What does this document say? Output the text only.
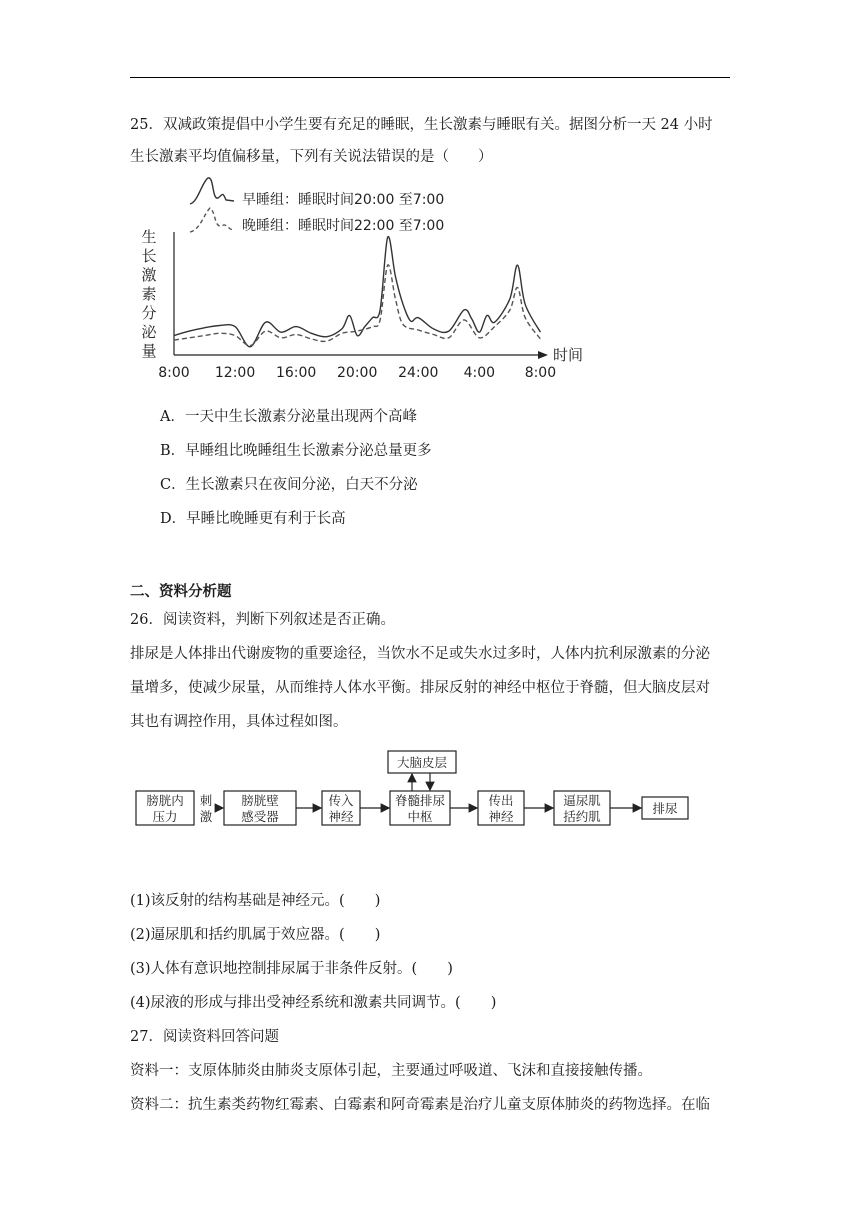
25．双减政策提倡中小学生要有充足的睡眠，生长激素与睡眠有关。据图分析一天 24 小时
生长激素平均值偏移量，下列有关说法错误的是（　　）
早睡组：睡眠时间20:00 至7:00
晚睡组：睡眠时间22:00 至7:00
生
长
激
素
分
泌
量	时间
8:00 12:00 16:00 20:00 24:00 4:00 8:00
A．一天中生长激素分泌量出现两个高峰
B．早睡组比晚睡组生长激素分泌总量更多
C．生长激素只在夜间分泌，白天不分泌
D．早睡比晚睡更有利于长高
二、资料分析题
26．阅读资料，判断下列叙述是否正确。
排尿是人体排出代谢废物的重要途径，当饮水不足或失水过多时，人体内抗利尿激素的分泌
量增多，使减少尿量，从而维持人体水平衡。排尿反射的神经中枢位于脊髓，但大脑皮层对
其也有调控作用，具体过程如图。
膀胱内
压力
刺
激
膀胱壁
感受器
传入
神经
脊髓排尿
中枢
大脑皮层
传出
神经
逼尿肌
括约肌
排尿
(1)该反射的结构基础是神经元。( )
(2)逼尿肌和括约肌属于效应器。( )
(3)人体有意识地控制排尿属于非条件反射。( )
(4)尿液的形成与排出受神经系统和激素共同调节。( )
27．阅读资料回答问题
资料一：支原体肺炎由肺炎支原体引起，主要通过呼吸道、飞沫和直接接触传播。
资料二：抗生素类药物红霉素、白霉素和阿奇霉素是治疗儿童支原体肺炎的药物选择。在临
